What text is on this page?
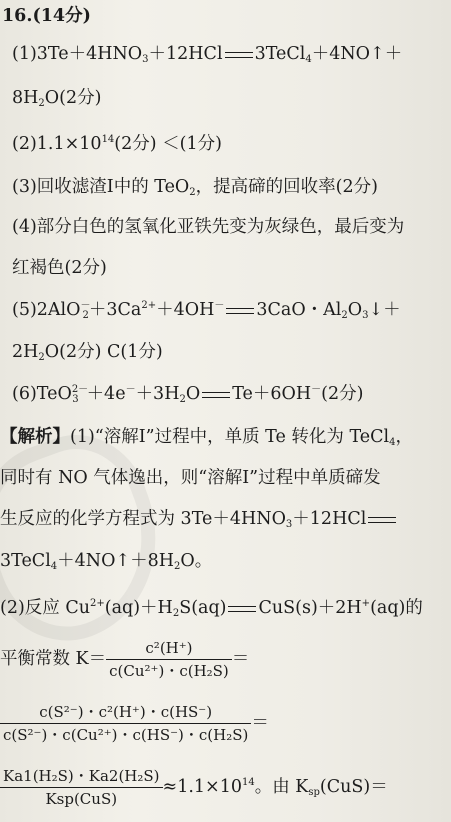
16.(14分)
$(1)3Te+4HNO_3+12HCl$ 3TeCl$_4$＋4NO↑＋
$8H_2O(2$分)
$(2)1.1\times 10^{14}(2$分) ＜(1分)
(3)回收滤渣Ⅰ中的 TeO$_2$，提高碲的回收率(2分)
(4)部分白色的氢氧化亚铁先变为灰绿色，最后变为
红褐色(2分)
$(5)2AlO^-_2+3Ca^{2+}+4OH^-$ 3CaO・$Al_2O_3↓+$
$2H_2O(2$分) C(1分)
$(6)TeO^{2-}_3 +4e^-+3H_2O$ Te＋6OH－(2分)
【解析】(1)“溶解Ⅰ”过程中，单质 Te 转化为 TeCl$_4$，
同时有 NO 气体逸出，则“溶解Ⅰ”过程中单质碲发
生反应的化学方程式为 $3Te+4HNO_3+12HCl$
$3TeCl_4+4NO↑+8H_2O$。
(2)反应 $Cu^{2+}(aq)+H_2S(aq)$ CuS(s)＋2H+(aq)的
平衡常数 $K= \frac{\text{c²(H⁺)}}{\text{c(Cu²⁺)・c(H₂S)}}$ ＝
$\frac{\text{c(S²⁻)・c²(H⁺)・c(HS⁻)}}{\text{c(S²⁻)・c(Cu²⁺)・c(HS⁻)・c(H₂S)}}$ ＝
$\frac{\text{Ka1(H₂S)・Ka2(H₂S)}}{\text{Ksp(CuS)}} \approx 1.1\times 10^{14}$。由 $K_{sp}(CuS)=$
